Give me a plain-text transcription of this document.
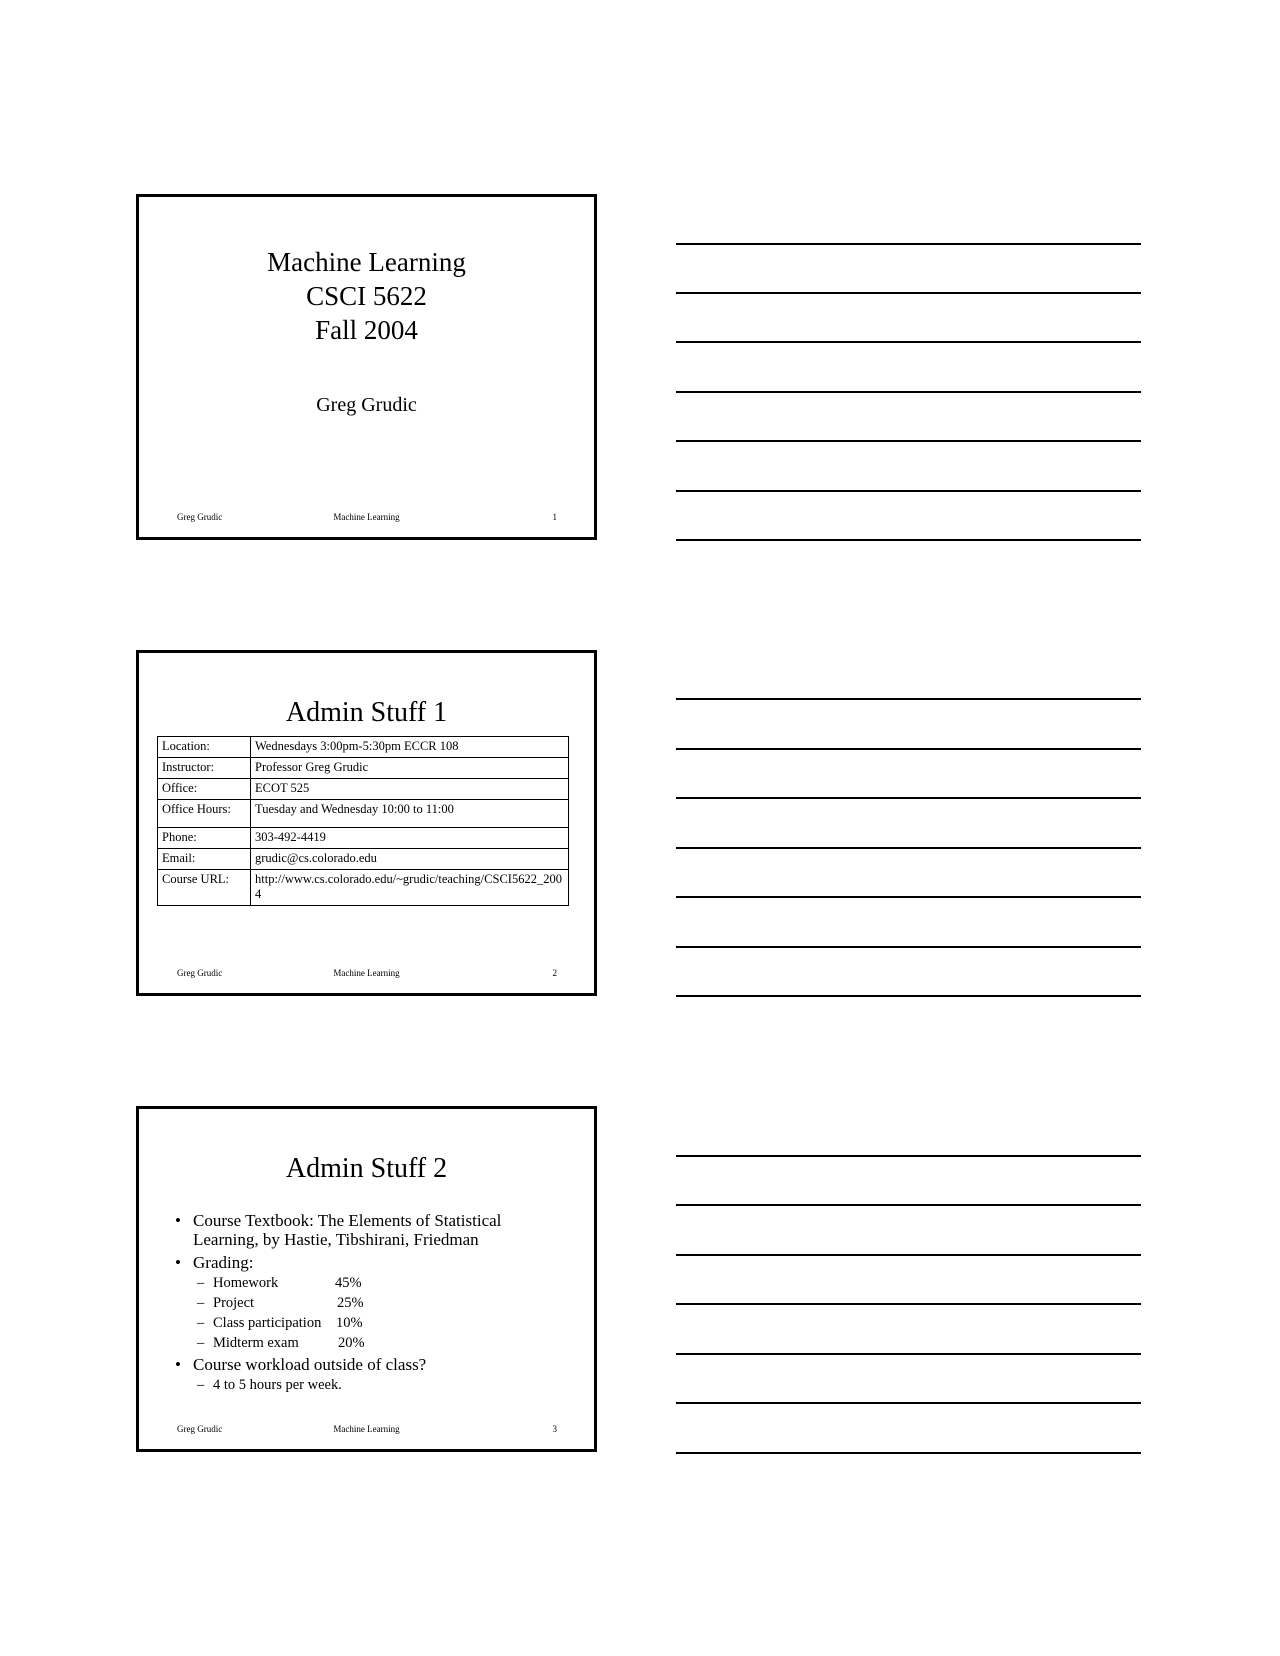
Machine Learning
CSCI 5622
Fall 2004
Greg Grudic
Greg Grudic	Machine Learning	1
Admin Stuff 1
Location:	Wednesdays 3:00pm-5:30pm ECCR 108
Instructor:	Professor Greg Grudic
Office:	ECOT 525
Office Hours:	Tuesday and Wednesday 10:00 to 11:00
Phone:	303-492-4419
Email:	grudic@cs.colorado.edu
Course URL:	http://www.cs.colorado.edu/~grudic/teaching/CSCI5622_2004
Greg Grudic	Machine Learning	2
Admin Stuff 2
• Course Textbook: The Elements of Statistical Learning, by Hastie, Tibshirani, Friedman
• Grading:
– Homework	45%
– Project	25%
– Class participation 10%
– Midterm exam	20%
• Course workload outside of class?
– 4 to 5 hours per week.
Greg Grudic	Machine Learning	3
